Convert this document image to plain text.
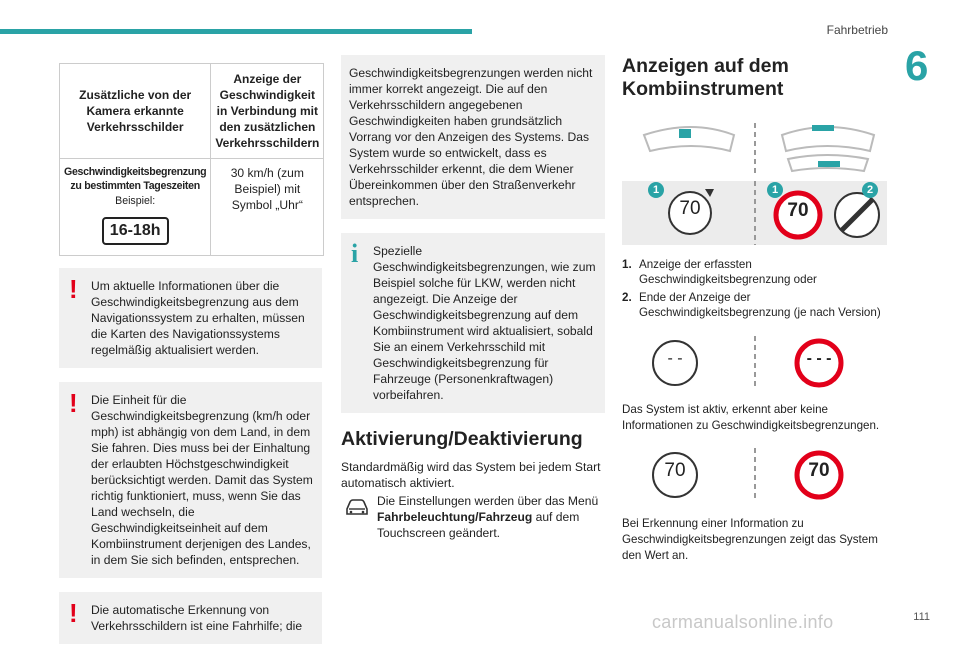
Fahrbetrieb
6
Zusätzliche von der Kamera erkannte Verkehrsschilder	Anzeige der Geschwindigkeit in Verbindung mit den zusätzlichen Verkehrsschildern

Geschwindigkeitsbegrenzung zu bestimmten Tageszeiten
Beispiel:
16-18h	30 km/h (zum Beispiel) mit Symbol „Uhr“
!	Um aktuelle Informationen über die Geschwindigkeitsbegrenzung aus dem Navigationssystem zu erhalten, müssen die Karten des Navigationssystems regelmäßig aktualisiert werden.

!	Die Einheit für die Geschwindigkeitsbegrenzung (km/h oder mph) ist abhängig von dem Land, in dem Sie fahren. Dies muss bei der Einhaltung der erlaubten Höchstgeschwindigkeit berücksichtigt werden. Damit das System richtig funktioniert, muss, wenn Sie das Land wechseln, die Geschwindigkeitseinheit auf dem Kombiinstrument derjenigen des Landes, in dem Sie sich befinden, entsprechen.

!	Die automatische Erkennung von Verkehrsschildern ist eine Fahrhilfe; die

Geschwindigkeitsbegrenzungen werden nicht immer korrekt angezeigt. Die auf den Verkehrsschildern angegebenen Geschwindigkeiten haben grundsätzlich Vorrang vor den Anzeigen des Systems. Das System wurde so entwickelt, dass es Verkehrsschilder erkennt, die dem Wiener Übereinkommen über den Straßenverkehr entsprechen.

i	Spezielle Geschwindigkeitsbegrenzungen, wie zum Beispiel solche für LKW, werden nicht angezeigt. Die Anzeige der Geschwindigkeitsbegrenzung auf dem Kombiinstrument wird aktualisiert, sobald Sie an einem Verkehrsschild mit Geschwindigkeitsbegrenzung für Fahrzeuge (Personenkraftwagen) vorbeifahren.

Aktivierung/Deaktivierung

Standardmäßig wird das System bei jedem Start automatisch aktiviert.

Die Einstellungen werden über das Menü Fahrbeleuchtung/Fahrzeug auf dem Touchscreen geändert.
Anzeigen auf dem Kombiinstrument
1	1	2
70	70
1. Anzeige der erfassten Geschwindigkeitsbegrenzung oder
2. Ende der Anzeige der Geschwindigkeitsbegrenzung (je nach Version)
- -	- - -

Das System ist aktiv, erkennt aber keine Informationen zu Geschwindigkeitsbegrenzungen.

70	70

Bei Erkennung einer Information zu Geschwindigkeitsbegrenzungen zeigt das System den Wert an.

carmanualsonline.info	111
